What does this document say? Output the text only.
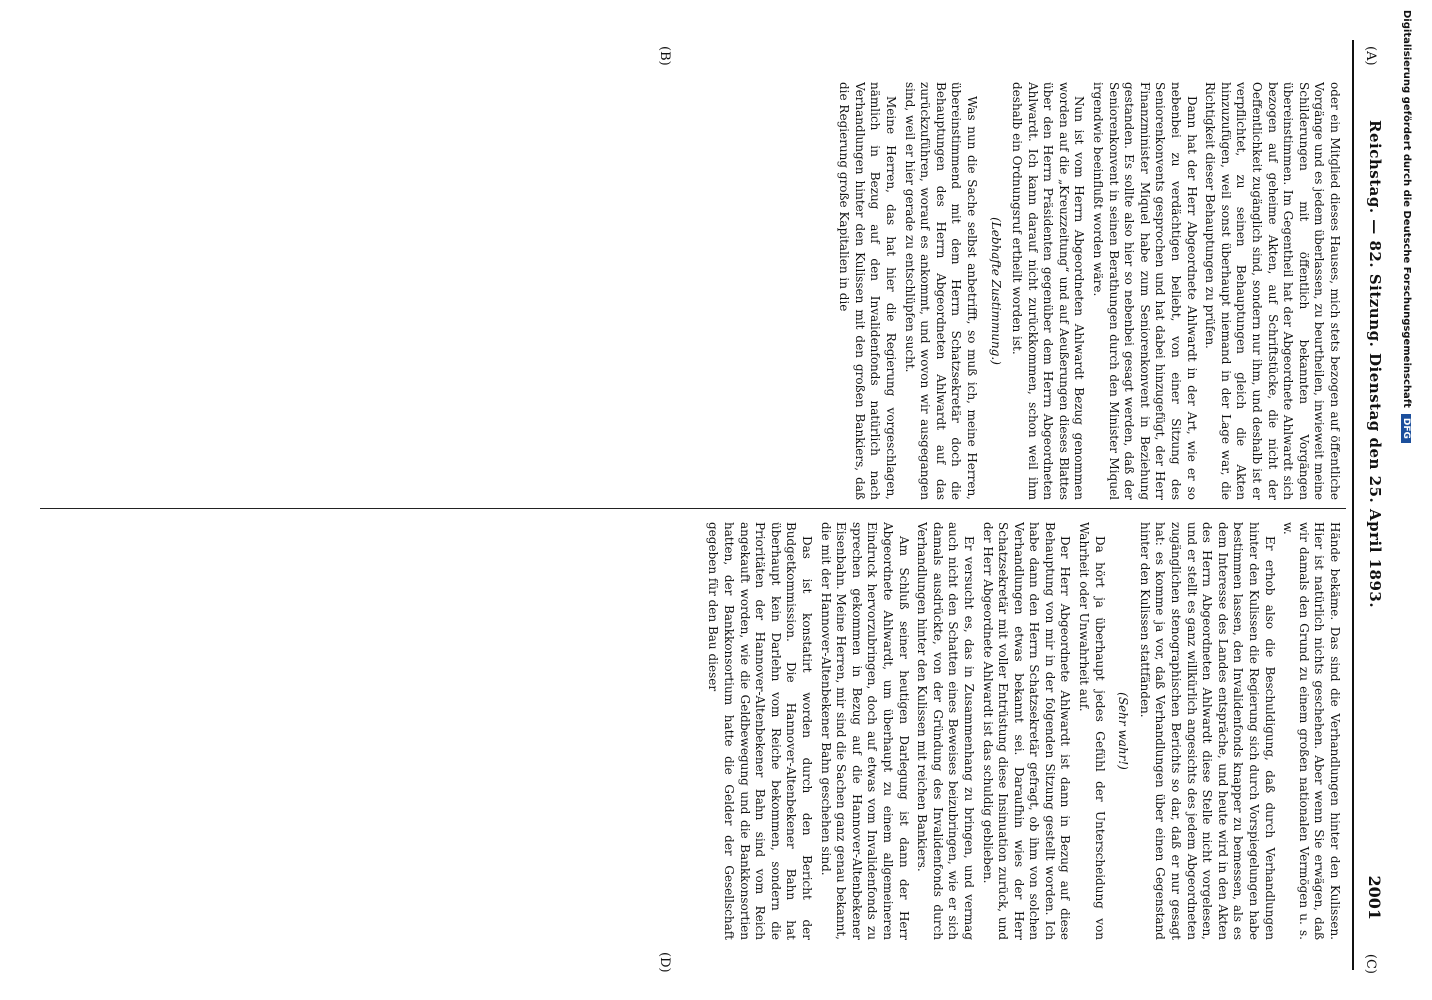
(A)
Reichstag. — 82. Sitzung. Dienstag den 25. April 1893.
2001
(C)
(B)
(D)

oder ein Mitglied dieses Hauses, mich stets bezogen auf öffentliche Vorgänge und es jedem überlassen, zu beurtheilen, inwieweit meine Schilderungen mit öffentlich bekannten Vorgängen übereinstimmen. Im Gegentheil hat der Abgeordnete Ahlwardt sich bezogen auf geheime Akten, auf Schriftstücke, die nicht der Oeffentlichkeit zugänglich sind, sondern nur ihm, und deshalb ist er verpflichtet, zu seinen Behauptungen gleich die Akten hinzuzufügen, weil sonst überhaupt niemand in der Lage war, die Richtigkeit dieser Behauptungen zu prüfen.

Dann hat der Herr Abgeordnete Ahlwardt in der Art, wie er so nebenbei zu verdächtigen beliebt, von einer Sitzung des Seniorenkonvents gesprochen und hat dabei hinzugefügt, der Herr Finanzminister Miquel habe zum Seniorenkonvent in Beziehung gestanden. Es sollte also hier so nebenbei gesagt werden, daß der Seniorenkonvent in seinen Berathungen durch den Minister Miquel irgendwie beeinflußt worden wäre.

Nun ist vom Herrn Abgeordneten Ahlwardt Bezug genommen worden auf die „Kreuzzeitung“ und auf Aeußerungen dieses Blattes über den Herrn Präsidenten gegenüber dem Herrn Abgeordneten Ahlwardt. Ich kann darauf nicht zurückkommen, schon weil ihm deshalb ein Ordnungsruf ertheilt worden ist.

(Lebhafte Zustimmung.)

Was nun die Sache selbst anbetrifft, so muß ich, meine Herren, übereinstimmend mit dem Herrn Schatzsekretär doch die Behauptungen des Herrn Abgeordneten Ahlwardt auf das zurückzuführen, worauf es ankommt, und wovon wir ausgegangen sind, weil er hier gerade zu entschlüpfen sucht.

Meine Herren, das hat hier die Regierung vorgeschlagen, nämlich in Bezug auf den Invalidenfonds natürlich nach Verhandlungen hinter den Kulissen mit den großen Bankiers, daß die Regierung große Kapitalien in die

Hände bekäme. Das sind die Verhandlungen hinter den Kulissen. Hier ist natürlich nichts geschehen. Aber wenn Sie erwägen, daß wir damals den Grund zu einem großen nationalen Vermögen u. s. w.

Er erhob also die Beschuldigung, daß durch Verhandlungen hinter den Kulissen die Regierung sich durch Vorspiegelungen habe bestimmen lassen, den Invalidenfonds knapper zu bemessen, als es dem Interesse des Landes entspräche, und heute wird in den Akten des Herrn Abgeordneten Ahlwardt diese Stelle nicht vorgelesen, und er stellt es ganz willkürlich angesichts des jedem Abgeordneten zugänglichen stenographischen Berichts so dar, daß er nur gesagt hat: es komme ja vor, daß Verhandlungen über einen Gegenstand hinter den Kulissen stattfänden.

(Sehr wahr!)

Da hört ja überhaupt jedes Gefühl der Unterscheidung von Wahrheit oder Unwahrheit auf.

Der Herr Abgeordnete Ahlwardt ist dann in Bezug auf diese Behauptung von mir in der folgenden Sitzung gestellt worden. Ich habe dann den Herrn Schatzsekretär gefragt, ob ihm von solchen Verhandlungen etwas bekannt sei. Daraufhin wies der Herr Schatzsekretär mit voller Entrüstung diese Insinuation zurück, und der Herr Abgeordnete Ahlwardt ist das schuldig geblieben.

Er versucht es, das in Zusammenhang zu bringen, und vermag auch nicht den Schatten eines Beweises beizubringen, wie er sich damals ausdrückte, von der Gründung des Invalidenfonds durch Verhandlungen hinter den Kulissen mit reichen Bankiers.

Am Schluß seiner heutigen Darlegung ist dann der Herr Abgeordnete Ahlwardt, um überhaupt zu einem allgemeineren Eindruck hervorzubringen, doch auf etwas vom Invalidenfonds zu sprechen gekommen in Bezug auf die Hannover-Altenbekener Eisenbahn. Meine Herren, mir sind die Sachen ganz genau bekannt, die mit der Hannover-Altenbekener Bahn geschehen sind.

Das ist konstatirt worden durch den Bericht der Budgetkommission. Die Hannover-Altenbekener Bahn hat überhaupt kein Darlehn vom Reiche bekommen, sondern die Prioritäten der Hannover-Altenbekener Bahn sind vom Reich angekauft worden, wie die Geldbewegung und die Bankkonsortien hatten, der Bankkonsortium hatte die Gelder der Gesellschaft gegeben für den Bau dieser

Digitalisierung gefördert durch die Deutsche ForschungsgemeinschaftDFG
